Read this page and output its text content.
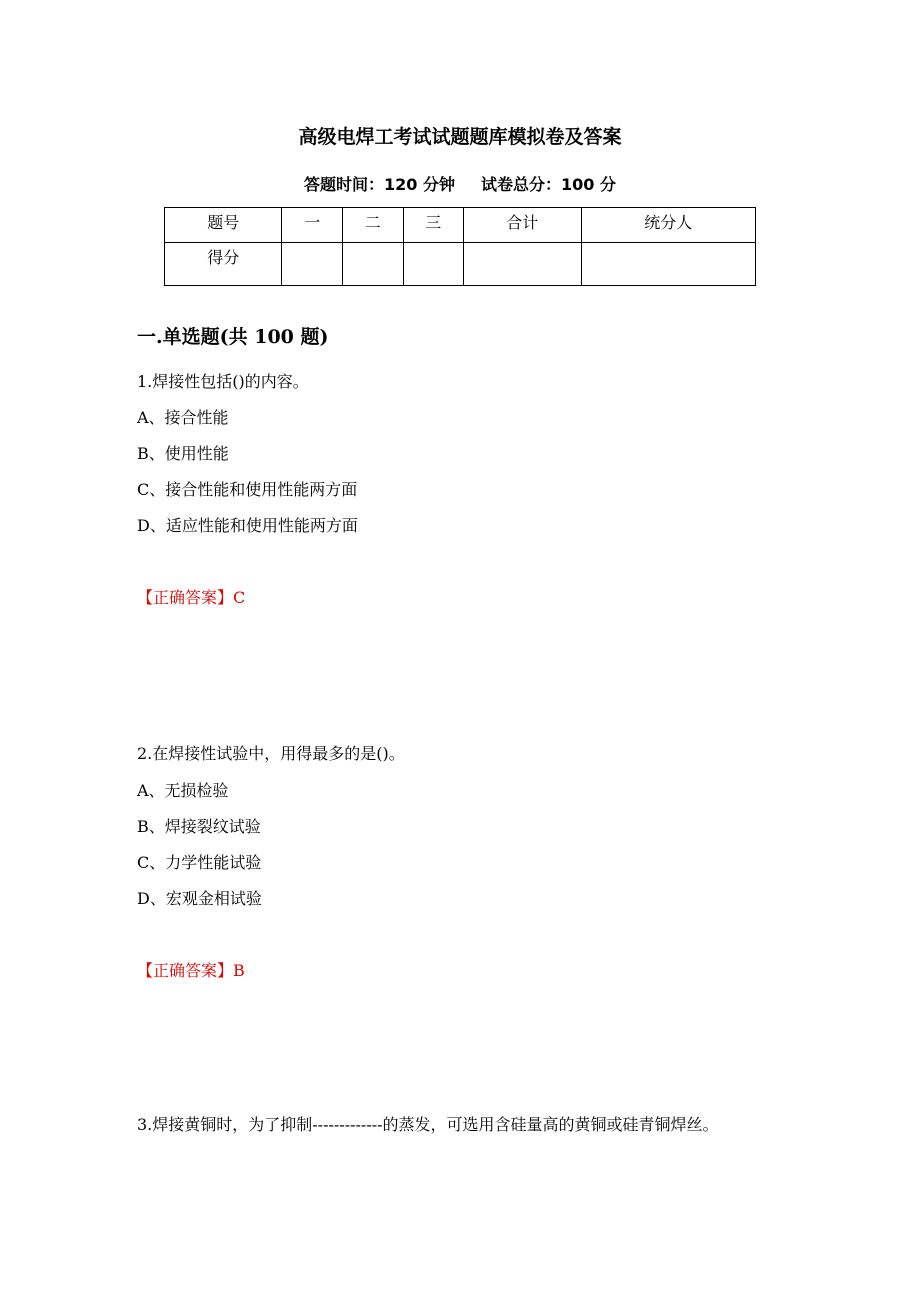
高级电焊工考试试题题库模拟卷及答案
答题时间：120 分钟 试卷总分：100 分
题号	一	二	三	合计	统分人
得分					
一.单选题(共 100 题)
1.焊接性包括()的内容。
A、接合性能
B、使用性能
C、接合性能和使用性能两方面
D、适应性能和使用性能两方面
【正确答案】C
2.在焊接性试验中，用得最多的是()。
A、无损检验
B、焊接裂纹试验
C、力学性能试验
D、宏观金相试验
【正确答案】B
3.焊接黄铜时，为了抑制-------------的蒸发，可选用含硅量高的黄铜或硅青铜焊丝。
